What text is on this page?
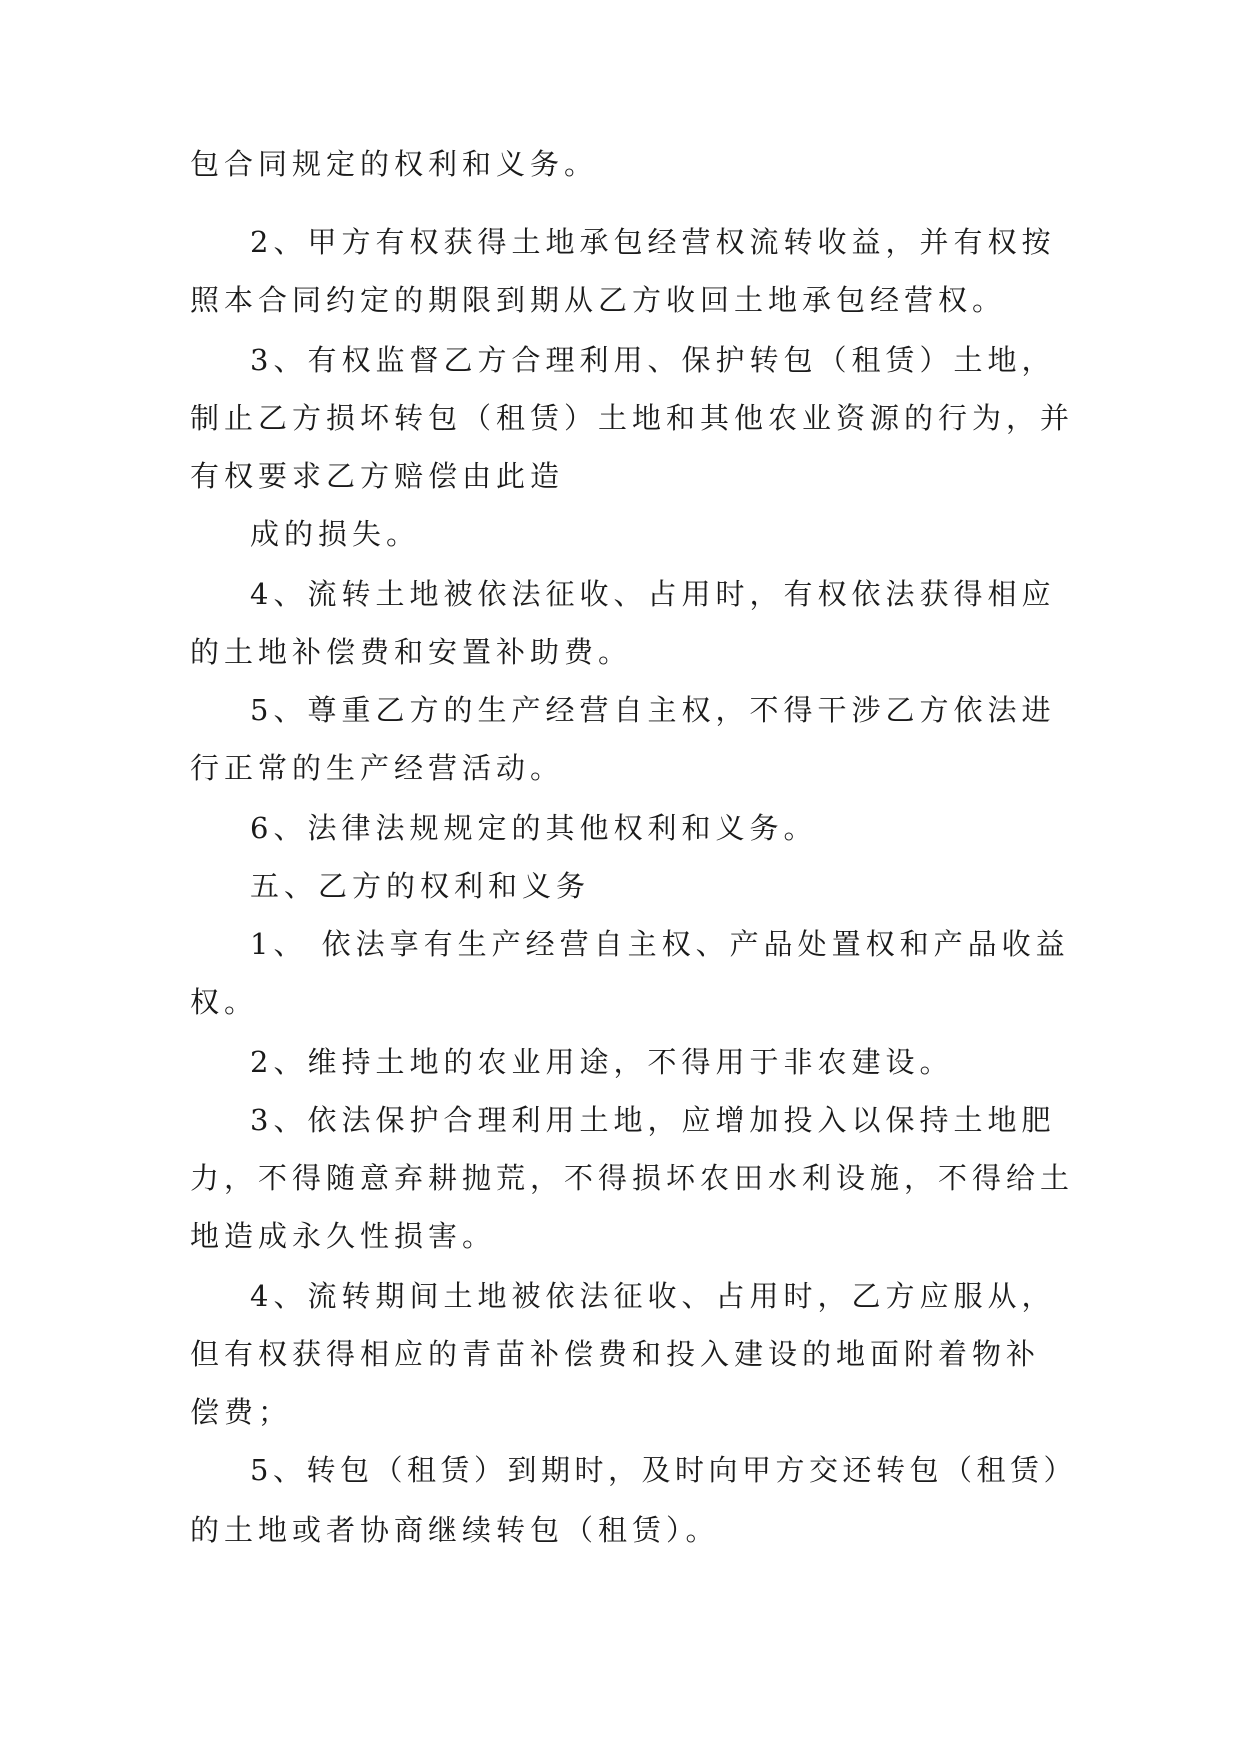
包合同规定的权利和义务。
2、甲方有权获得土地承包经营权流转收益，并有权按
照本合同约定的期限到期从乙方收回土地承包经营权。
3、有权监督乙方合理利用、保护转包（租赁）土地，
制止乙方损坏转包（租赁）土地和其他农业资源的行为，并
有权要求乙方赔偿由此造
成的损失。
4、流转土地被依法征收、占用时，有权依法获得相应
的土地补偿费和安置补助费。
5、尊重乙方的生产经营自主权，不得干涉乙方依法进
行正常的生产经营活动。
6、法律法规规定的其他权利和义务。
五、乙方的权利和义务
1、 依法享有生产经营自主权、产品处置权和产品收益
权。
2、维持土地的农业用途，不得用于非农建设。
3、依法保护合理利用土地，应增加投入以保持土地肥
力，不得随意弃耕抛荒，不得损坏农田水利设施，不得给土
地造成永久性损害。
4、流转期间土地被依法征收、占用时，乙方应服从，
但有权获得相应的青苗补偿费和投入建设的地面附着物补
偿费；
5、转包（租赁）到期时，及时向甲方交还转包（租赁）
的土地或者协商继续转包（租赁）。
